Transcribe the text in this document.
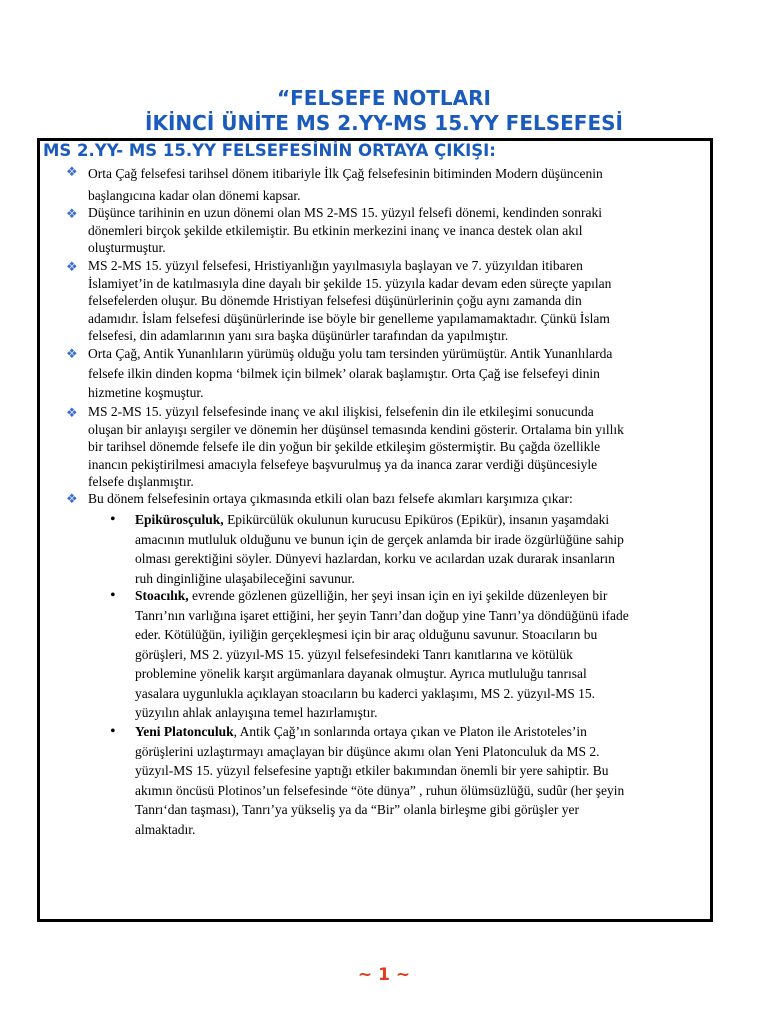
“FELSEFE NOTLARI
İKİNCİ ÜNİTE MS 2.YY-MS 15.YY FELSEFESİ
MS 2.YY- MS 15.YY FELSEFESİNİN ORTAYA ÇIKIŞI:
❖ Orta Çağ felsefesi tarihsel dönem itibariyle İlk Çağ felsefesinin bitiminden Modern düşüncenin
başlangıcına kadar olan dönemi kapsar.
❖ Düşünce tarihinin en uzun dönemi olan MS 2-MS 15. yüzyıl felsefi dönemi, kendinden sonraki
dönemleri birçok şekilde etkilemiştir. Bu etkinin merkezini inanç ve inanca destek olan akıl
oluşturmuştur.
❖ MS 2-MS 15. yüzyıl felsefesi, Hristiyanlığın yayılmasıyla başlayan ve 7. yüzyıldan itibaren
İslamiyet’in de katılmasıyla dine dayalı bir şekilde 15. yüzyıla kadar devam eden süreçte yapılan
felsefelerden oluşur. Bu dönemde Hristiyan felsefesi düşünürlerinin çoğu aynı zamanda din
adamıdır. İslam felsefesi düşünürlerinde ise böyle bir genelleme yapılamamaktadır. Çünkü İslam
felsefesi, din adamlarının yanı sıra başka düşünürler tarafından da yapılmıştır.
❖ Orta Çağ, Antik Yunanlıların yürümüş olduğu yolu tam tersinden yürümüştür. Antik Yunanlılarda
felsefe ilkin dinden kopma ‘bilmek için bilmek’ olarak başlamıştır. Orta Çağ ise felsefeyi dinin
hizmetine koşmuştur.
❖ MS 2-MS 15. yüzyıl felsefesinde inanç ve akıl ilişkisi, felsefenin din ile etkileşimi sonucunda
oluşan bir anlayışı sergiler ve dönemin her düşünsel temasında kendini gösterir. Ortalama bin yıllık
bir tarihsel dönemde felsefe ile din yoğun bir şekilde etkileşim göstermiştir. Bu çağda özellikle
inancın pekiştirilmesi amacıyla felsefeye başvurulmuş ya da inanca zarar verdiği düşüncesiyle
felsefe dışlanmıştır.
❖ Bu dönem felsefesinin ortaya çıkmasında etkili olan bazı felsefe akımları karşımıza çıkar:
• Epikürosçuluk, Epikürcülük okulunun kurucusu Epiküros (Epikür), insanın yaşamdaki
amacının mutluluk olduğunu ve bunun için de gerçek anlamda bir irade özgürlüğüne sahip
olması gerektiğini söyler. Dünyevi hazlardan, korku ve acılardan uzak durarak insanların
ruh dinginliğine ulaşabileceğini savunur.
• Stoacılık, evrende gözlenen güzelliğin, her şeyi insan için en iyi şekilde düzenleyen bir
Tanrı’nın varlığına işaret ettiğini, her şeyin Tanrı’dan doğup yine Tanrı’ya döndüğünü ifade
eder. Kötülüğün, iyiliğin gerçekleşmesi için bir araç olduğunu savunur. Stoacıların bu
görüşleri, MS 2. yüzyıl-MS 15. yüzyıl felsefesindeki Tanrı kanıtlarına ve kötülük
problemine yönelik karşıt argümanlara dayanak olmuştur. Ayrıca mutluluğu tanrısal
yasalara uygunlukla açıklayan stoacıların bu kaderci yaklaşımı, MS 2. yüzyıl-MS 15.
yüzyılın ahlak anlayışına temel hazırlamıştır.
• Yeni Platonculuk, Antik Çağ’ın sonlarında ortaya çıkan ve Platon ile Aristoteles’in
görüşlerini uzlaştırmayı amaçlayan bir düşünce akımı olan Yeni Platonculuk da MS 2.
yüzyıl-MS 15. yüzyıl felsefesine yaptığı etkiler bakımından önemli bir yere sahiptir. Bu
akımın öncüsü Plotinos’un felsefesinde “öte dünya” , ruhun ölümsüzlüğü, sudûr (her şeyin
Tanrı‘dan taşması), Tanrı’ya yükseliş ya da “Bir” olanla birleşme gibi görüşler yer
almaktadır.
~ 1 ~
